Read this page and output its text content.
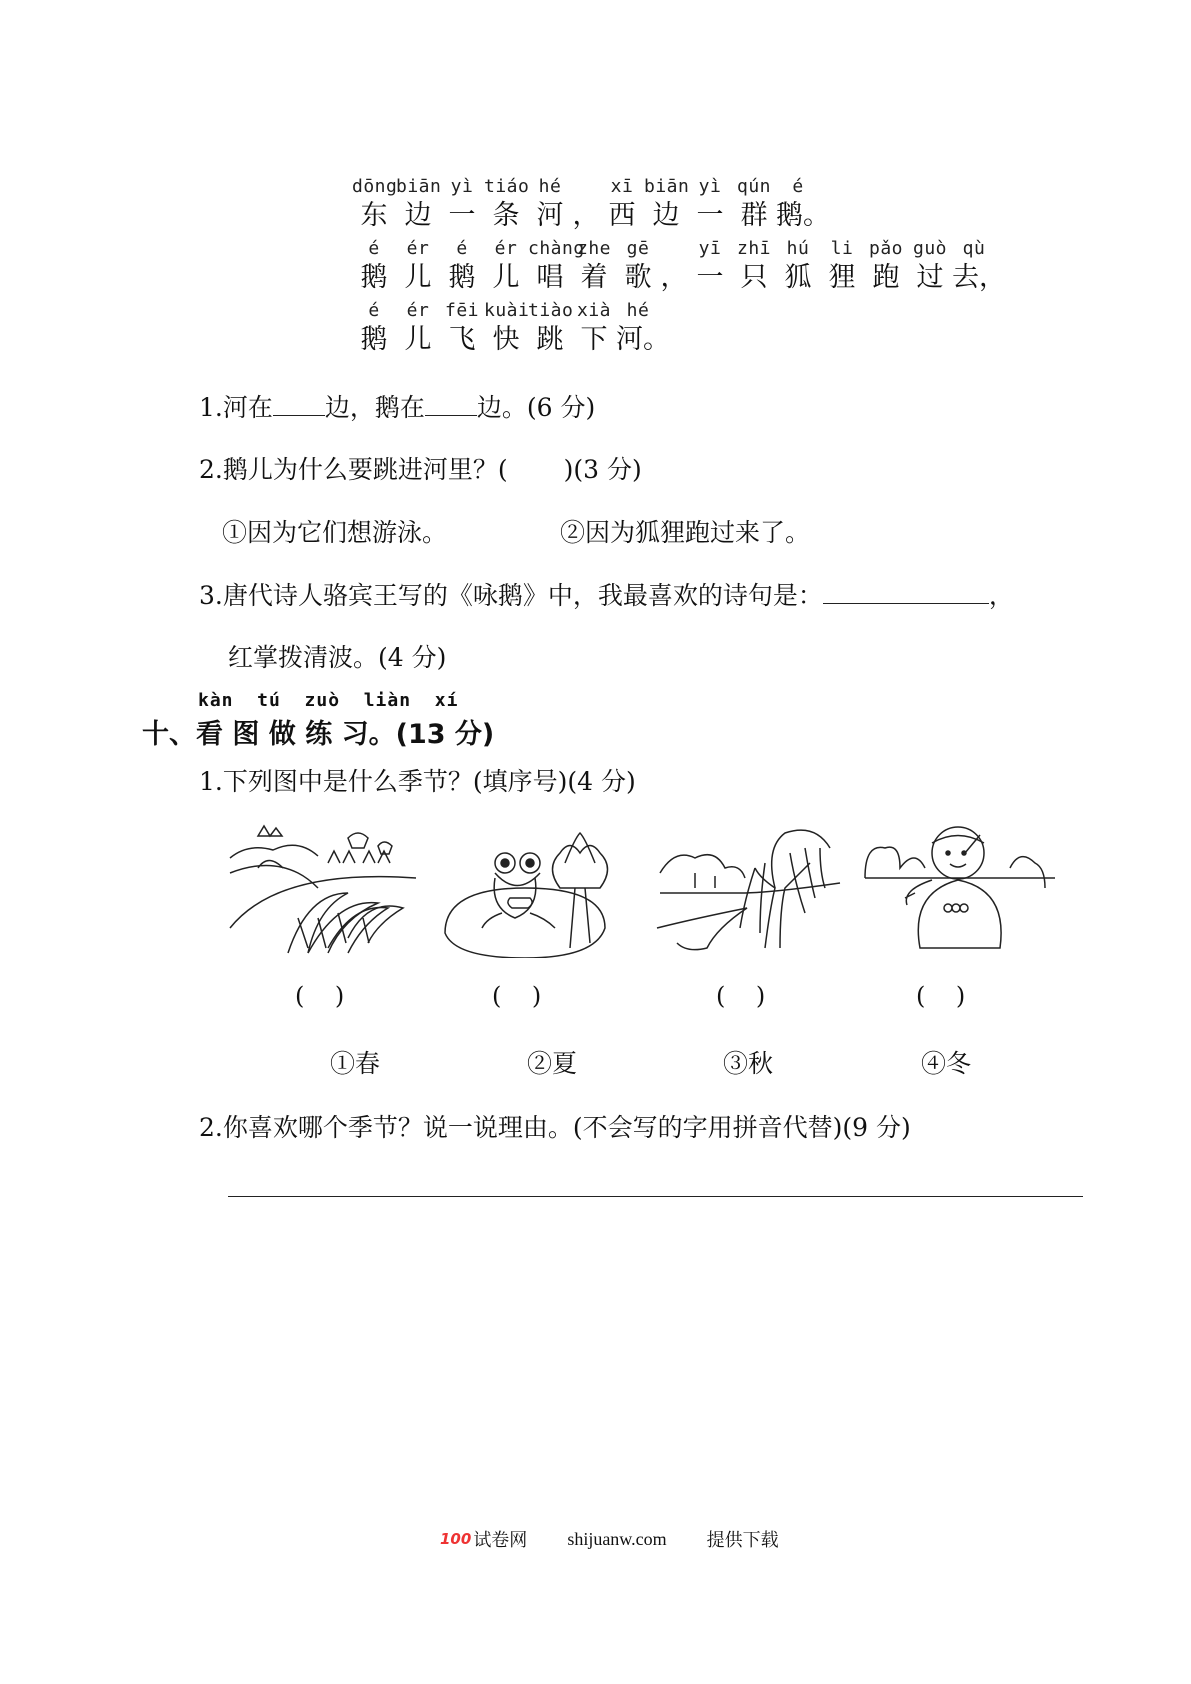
dōng
biān yì tiáo hé	xī biān yì qún	é
东 边 一 条 河 ， 西 边 一 群 鹅。
é	ér	é	ér chàng
zhe gē	yī zhī hú	li pǎo guò qù
鹅 儿 鹅 儿 唱 着 歌 ， 一 只 狐 狸 跑 过 去，
é	ér fēi kuài
tiào xià hé
鹅 儿 飞 快 跳 下 河。
1.河在 边，鹅在 边。(6 分)
2.鹅儿为什么要跳进河里？( )(3 分)
①因为它们想游泳。	②因为狐狸跑过来了。
3.唐代诗人骆宾王写的《咏鹅》中，我最喜欢的诗句是：	，
红掌拨清波。(4 分)
kàn  tú  zuò  liàn  xí
十、看 图 做 练 习。(13 分)
1.下列图中是什么季节？(填序号)(4 分)
(    )	(    )	(    )	(    )
①春	②夏	③秋	④冬
2.你喜欢哪个季节？说一说理由。(不会写的字用拼音代替)(9 分)
100 试卷网 shijuanw.com 提供下载
